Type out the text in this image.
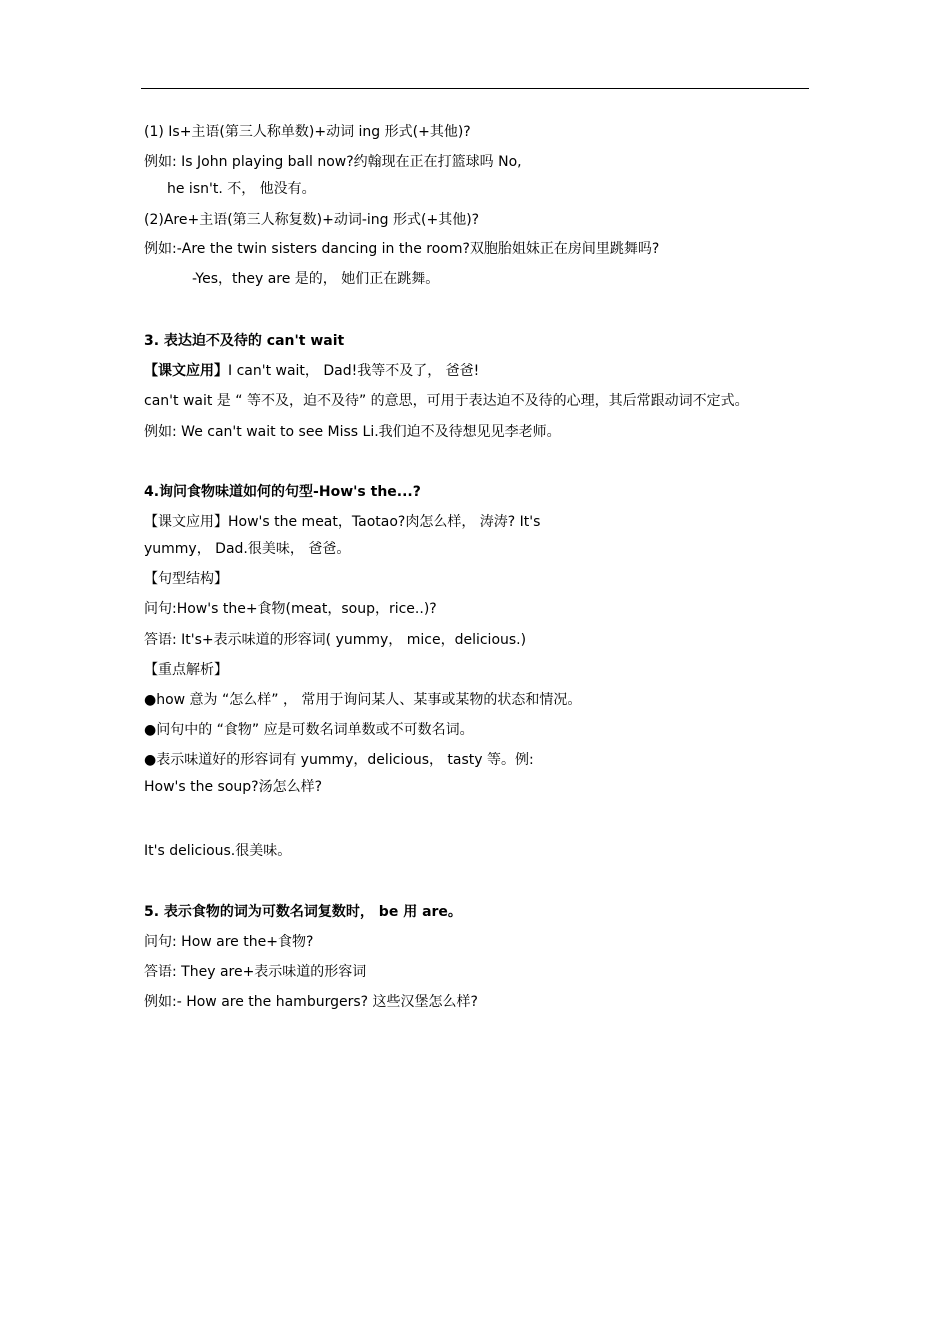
(1) Is+主语(第三人称单数)+动词 ing 形式(+其他)?
例如: Is John playing ball now?约翰现在正在打篮球吗 No,
he isn't. 不， 他没有。
(2)Are+主语(第三人称复数)+动词-ing 形式(+其他)?
例如:-Are the twin sisters dancing in the room?双胞胎姐妹正在房间里跳舞吗?
-Yes，they are 是的， 她们正在跳舞。
3. 表达迫不及待的 can't wait
【课文应用】I can't wait， Dad!我等不及了， 爸爸!
can't wait 是 “ 等不及，迫不及待” 的意思，可用于表达迫不及待的心理，其后常跟动词不定式。
例如: We can't wait to see Miss Li.我们迫不及待想见见李老师。
4.询问食物味道如何的句型-How's the...?
【课文应用】How's the meat，Taotao?肉怎么样， 涛涛? It's
yummy， Dad.很美味， 爸爸。
【句型结构】
问句:How's the+食物(meat，soup，rice..)?
答语: It's+表示味道的形容词( yummy， mice，delicious.)
【重点解析】
●how 意为 “怎么样” ， 常用于询问某人、某事或某物的状态和情况。
●问句中的 “食物” 应是可数名词单数或不可数名词。
●表示味道好的形容词有 yummy，delicious， tasty 等。例:
How's the soup?汤怎么样?
It's delicious.很美味。
5. 表示食物的词为可数名词复数时， be 用 are。
问句: How are the+食物?
答语: They are+表示味道的形容词
例如:- How are the hamburgers? 这些汉堡怎么样?
